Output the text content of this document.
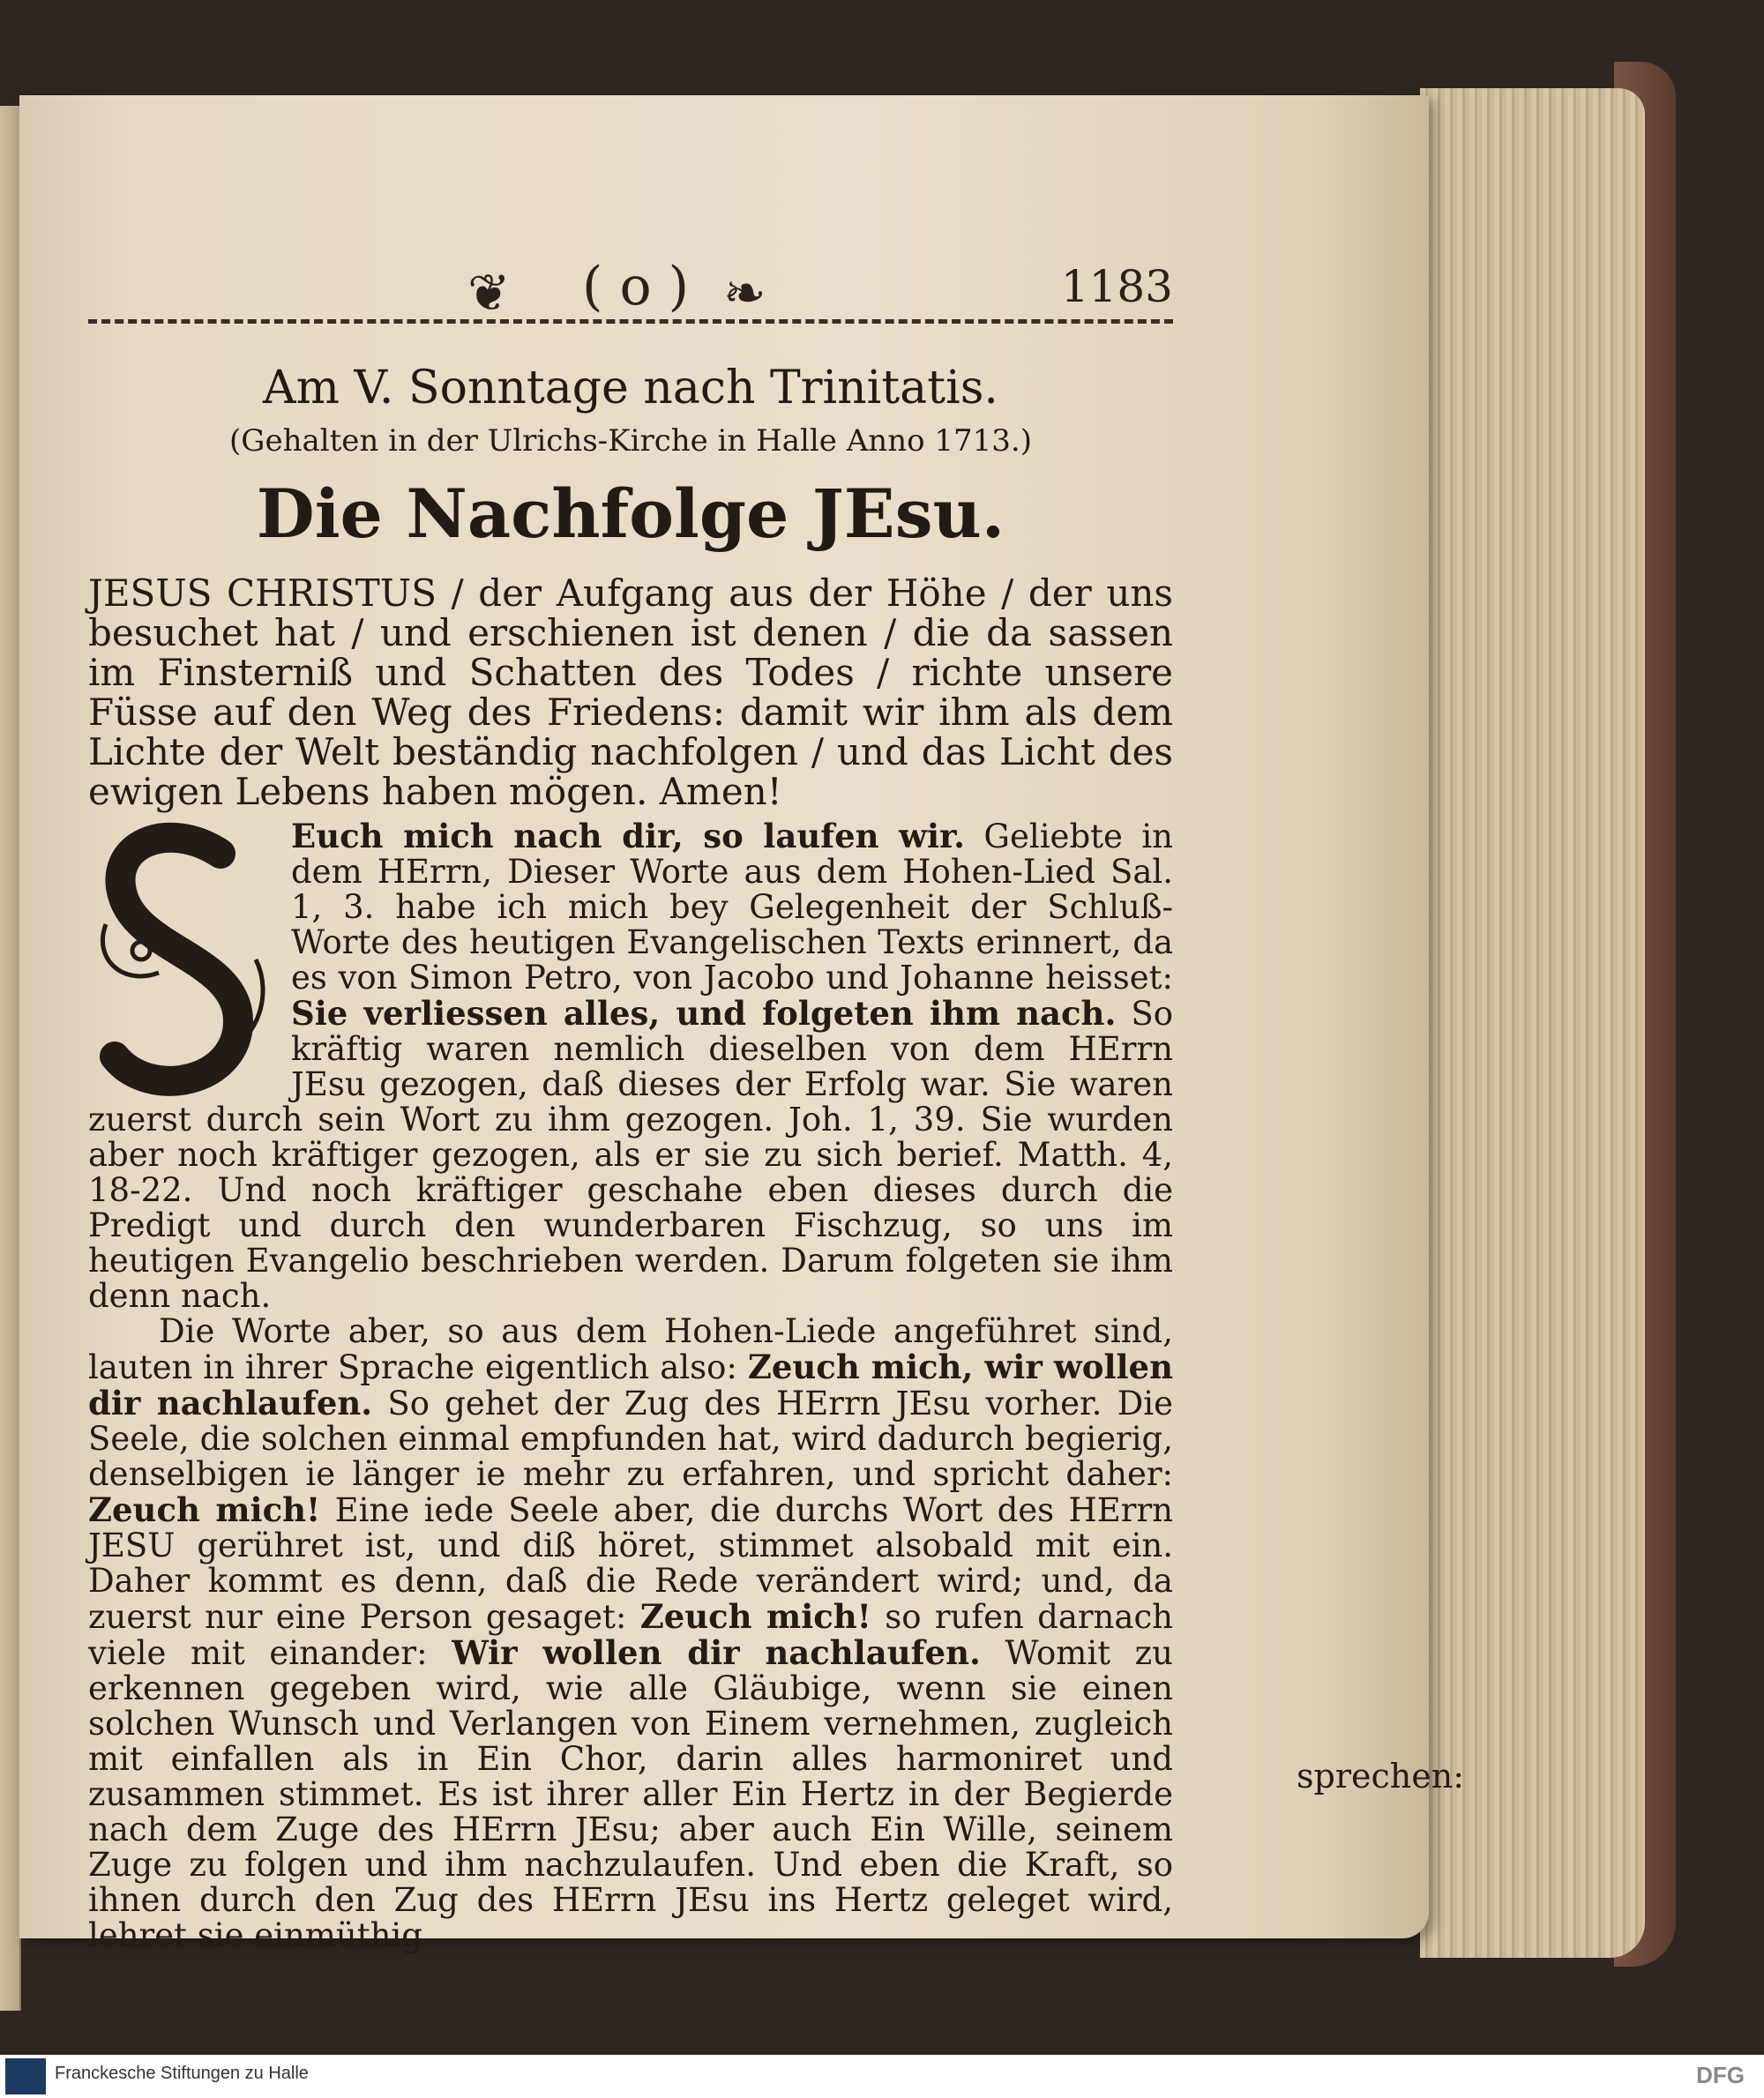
❦ ( o ) ❧	1183
Am V. Sonntage nach Trinitatis.
(Gehalten in der Ulrichs-Kirche in Halle Anno 1713.)
Die Nachfolge JEsu.
JESUS CHRISTUS / der Aufgang aus der Höhe / der uns besuchet hat / und erschienen ist denen / die da sassen im Finsterniß und Schatten des Todes / richte unsere Füsse auf den Weg des Friedens: damit wir ihm als dem Lichte der Welt beständig nachfolgen / und das Licht des ewigen Lebens haben mögen. Amen!

Euch mich nach dir, so laufen wir. Geliebte in dem HErrn, Dieser Worte aus dem Hohen-Lied Sal. 1, 3. habe ich mich bey Gelegenheit der Schluß-Worte des heutigen Evangelischen Texts erinnert, da es von Simon Petro, von Jacobo und Johanne heisset: Sie verliessen alles, und folgeten ihm nach. So kräftig waren nemlich dieselben von dem HErrn JEsu gezogen, daß dieses der Erfolg war. Sie waren zuerst durch sein Wort zu ihm gezogen. Joh. 1, 39. Sie wurden aber noch kräftiger gezogen, als er sie zu sich berief. Matth. 4, 18-22. Und noch kräftiger geschahe eben dieses durch die Predigt und durch den wunderbaren Fischzug, so uns im heutigen Evangelio beschrieben werden. Darum folgeten sie ihm denn nach.

Die Worte aber, so aus dem Hohen-Liede angeführet sind, lauten in ihrer Sprache eigentlich also: Zeuch mich, wir wollen dir nachlaufen. So gehet der Zug des HErrn JEsu vorher. Die Seele, die solchen einmal empfunden hat, wird dadurch begierig, denselbigen ie länger ie mehr zu erfahren, und spricht daher: Zeuch mich! Eine iede Seele aber, die durchs Wort des HErrn JESU gerühret ist, und diß höret, stimmet alsobald mit ein. Daher kommt es denn, daß die Rede verändert wird; und, da zuerst nur eine Person gesaget: Zeuch mich! so rufen darnach viele mit einander: Wir wollen dir nachlaufen. Womit zu erkennen gegeben wird, wie alle Gläubige, wenn sie einen solchen Wunsch und Verlangen von Einem vernehmen, zugleich mit einfallen als in Ein Chor, darin alles harmoniret und zusammen stimmet. Es ist ihrer aller Ein Hertz in der Begierde nach dem Zuge des HErrn JEsu; aber auch Ein Wille, seinem Zuge zu folgen und ihm nachzulaufen. Und eben die Kraft, so ihnen durch den Zug des HErrn JEsu ins Hertz geleget wird, lehret sie einmüthig

sprechen:
Franckesche Stiftungen zu Halle	DFG
